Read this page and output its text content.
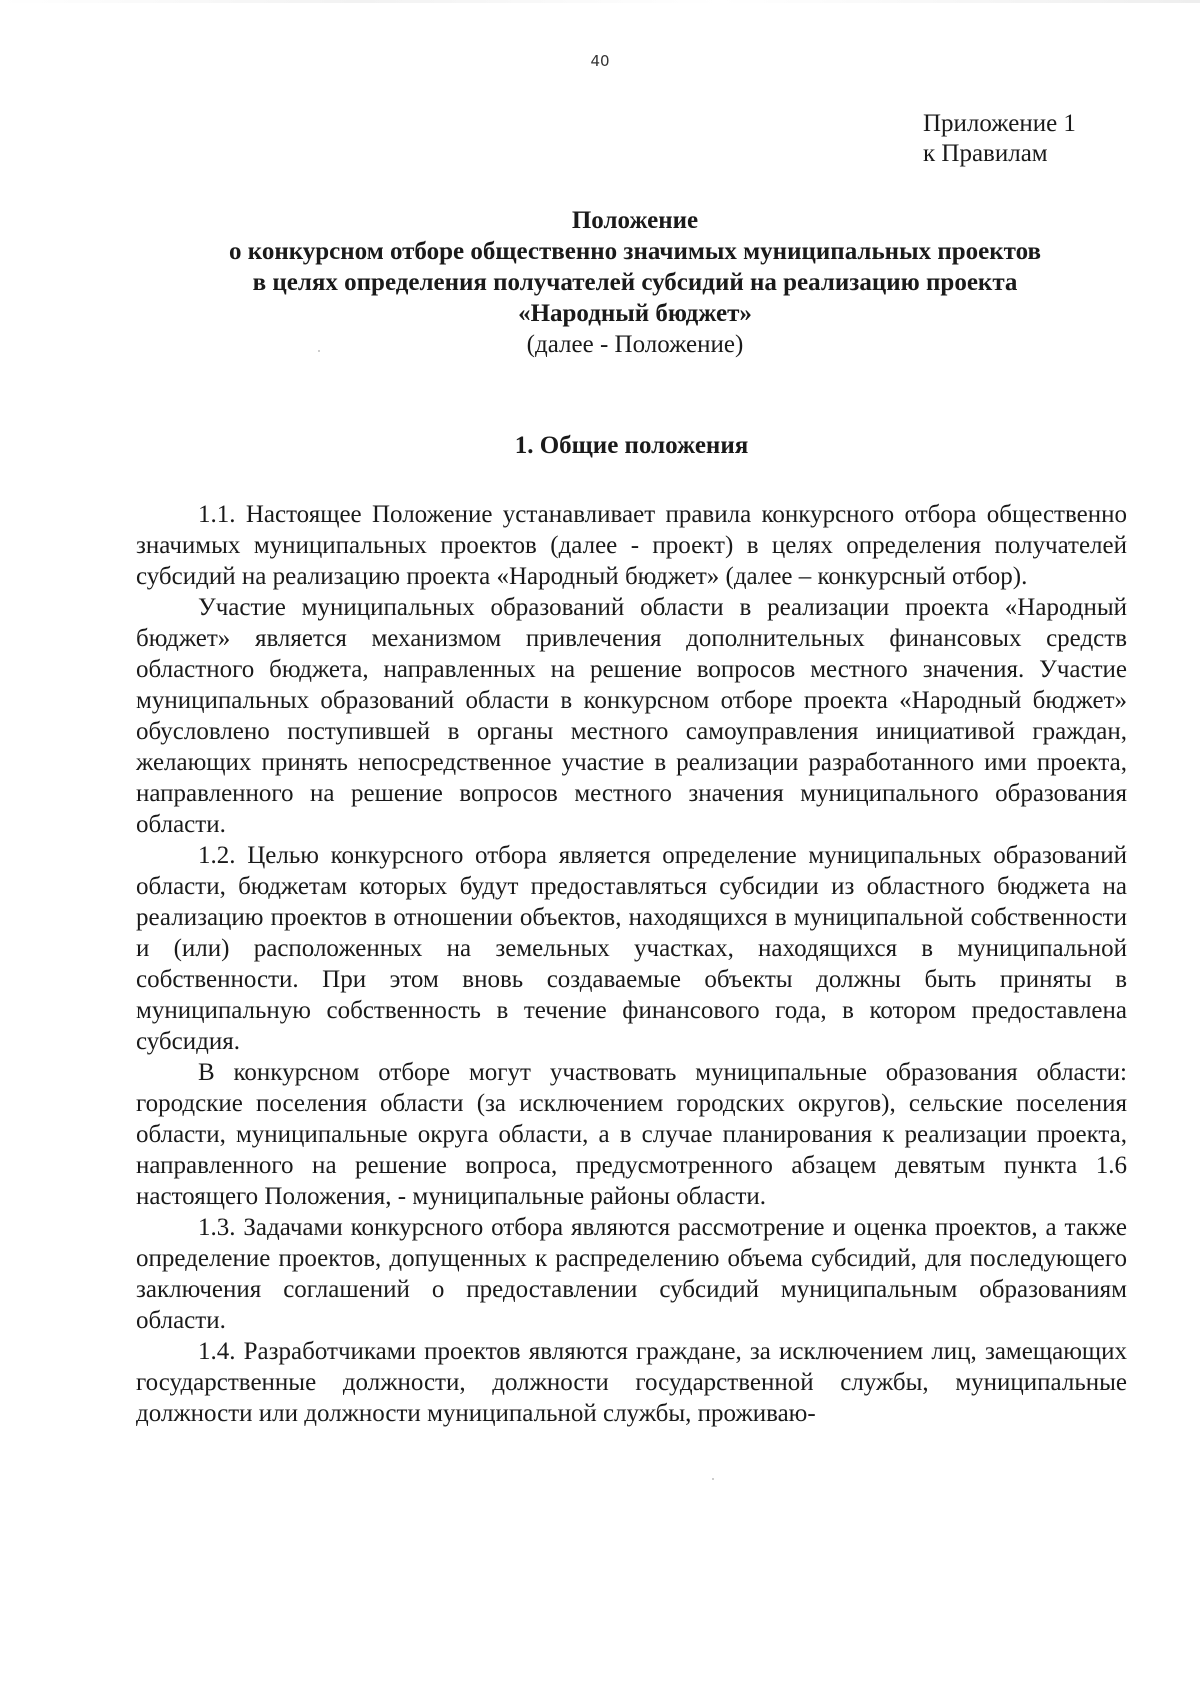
40
Приложение 1
к Правилам
Положение
о конкурсном отборе общественно значимых муниципальных проектов
в целях определения получателей субсидий на реализацию проекта
«Народный бюджет»
(далее - Положение)
1. Общие положения

1.1. Настоящее Положение устанавливает правила конкурсного отбора общественно значимых муниципальных проектов (далее - проект) в целях определения получателей субсидий на реализацию проекта «Народный бюджет» (далее – конкурсный отбор).

Участие муниципальных образований области в реализации проекта «Народный бюджет» является механизмом привлечения дополнительных финансовых средств областного бюджета, направленных на решение вопросов местного значения. Участие муниципальных образований области в конкурсном отборе проекта «Народный бюджет» обусловлено поступившей в органы местного самоуправления инициативой граждан, желающих принять непосредственное участие в реализации разработанного ими проекта, направленного на решение вопросов местного значения муниципального образования области.

1.2. Целью конкурсного отбора является определение муниципальных образований области, бюджетам которых будут предоставляться субсидии из областного бюджета на реализацию проектов в отношении объектов, находящихся в муниципальной собственности и (или) расположенных на земельных участках, находящихся в муниципальной собственности. При этом вновь создаваемые объекты должны быть приняты в муниципальную собственность в течение финансового года, в котором предоставлена субсидия.

В конкурсном отборе могут участвовать муниципальные образования области: городские поселения области (за исключением городских округов), сельские поселения области, муниципальные округа области, а в случае планирования к реализации проекта, направленного на решение вопроса, предусмотренного абзацем девятым пункта 1.6 настоящего Положения, - муниципальные районы области.

1.3. Задачами конкурсного отбора являются рассмотрение и оценка проектов, а также определение проектов, допущенных к распределению объема субсидий, для последующего заключения соглашений о предоставлении субсидий муниципальным образованиям области.

1.4. Разработчиками проектов являются граждане, за исключением лиц, замещающих государственные должности, должности государственной службы, муниципальные должности или должности муниципальной службы, проживаю-
